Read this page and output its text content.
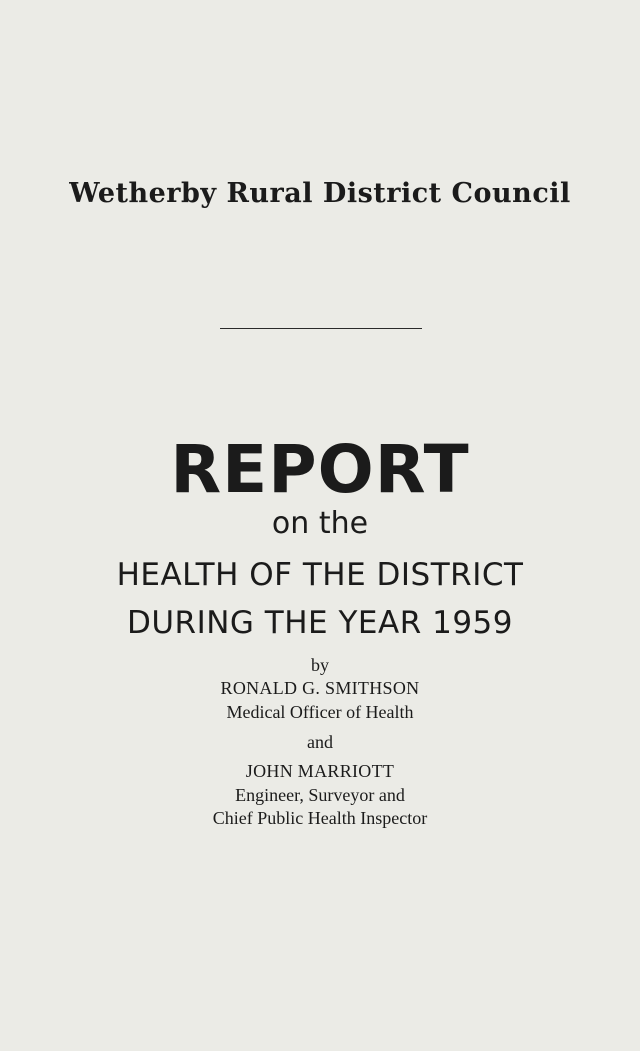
Wetherby Rural District Council
REPORT
on the
HEALTH OF THE DISTRICT
DURING THE YEAR 1959
by
RONALD G. SMITHSON
Medical Officer of Health
and
JOHN MARRIOTT
Engineer, Surveyor and
Chief Public Health Inspector
